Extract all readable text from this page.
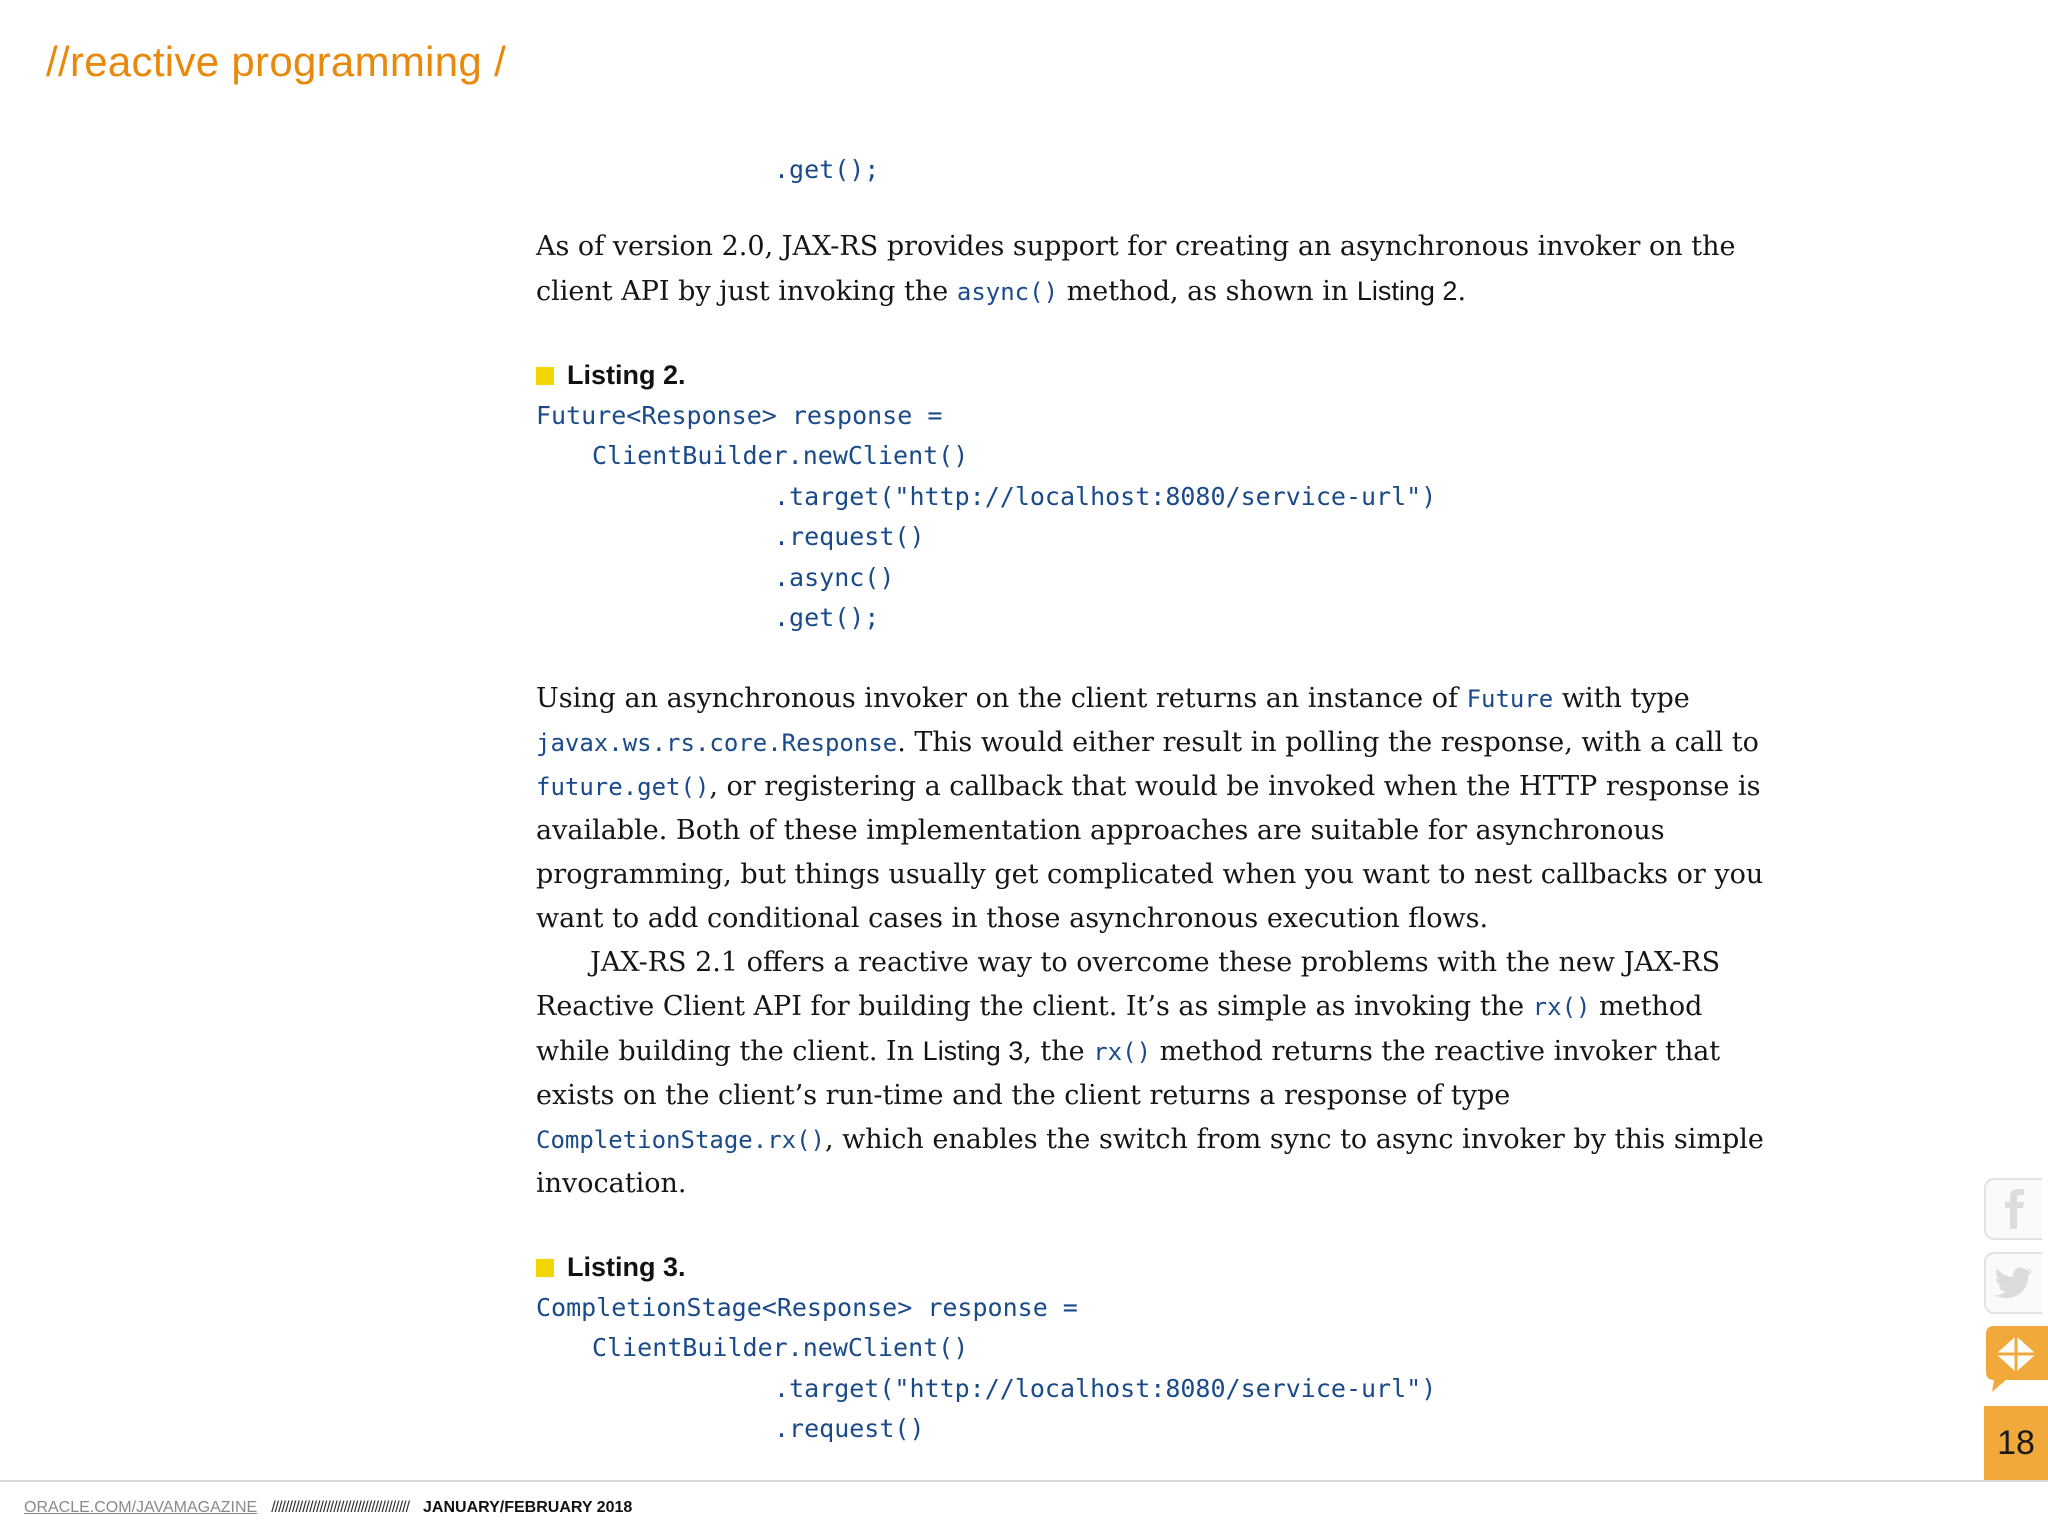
//reactive programming /
.get();

As of version 2.0, JAX-RS provides support for creating an asynchronous invoker on the client API by just invoking the async() method, as shown in Listing 2.

Listing 2.
Future<Response> response =
ClientBuilder.newClient()
.target("http://localhost:8080/service-url")
.request()
.async()
.get();

Using an asynchronous invoker on the client returns an instance of Future with type javax.ws.rs.core.Response. This would either result in polling the response, with a call to future.get(), or registering a callback that would be invoked when the HTTP response is available. Both of these implementation approaches are suitable for asynchronous programming, but things usually get complicated when you want to nest callbacks or you want to add conditional cases in those asynchronous execution flows.

JAX-RS 2.1 offers a reactive way to overcome these problems with the new JAX-RS Reactive Client API for building the client. It’s as simple as invoking the rx() method while building the client. In Listing 3, the rx() method returns the reactive invoker that exists on the client’s run-time and the client returns a response of type CompletionStage.rx(), which enables the switch from sync to async invoker by this simple invocation.

Listing 3.
CompletionStage<Response> response =
ClientBuilder.newClient()
.target("http://localhost:8080/service-url")
.request()	18
ORACLE.COM/JAVAMAGAZINE //////////////////////////////////////// JANUARY/FEBRUARY 2018
